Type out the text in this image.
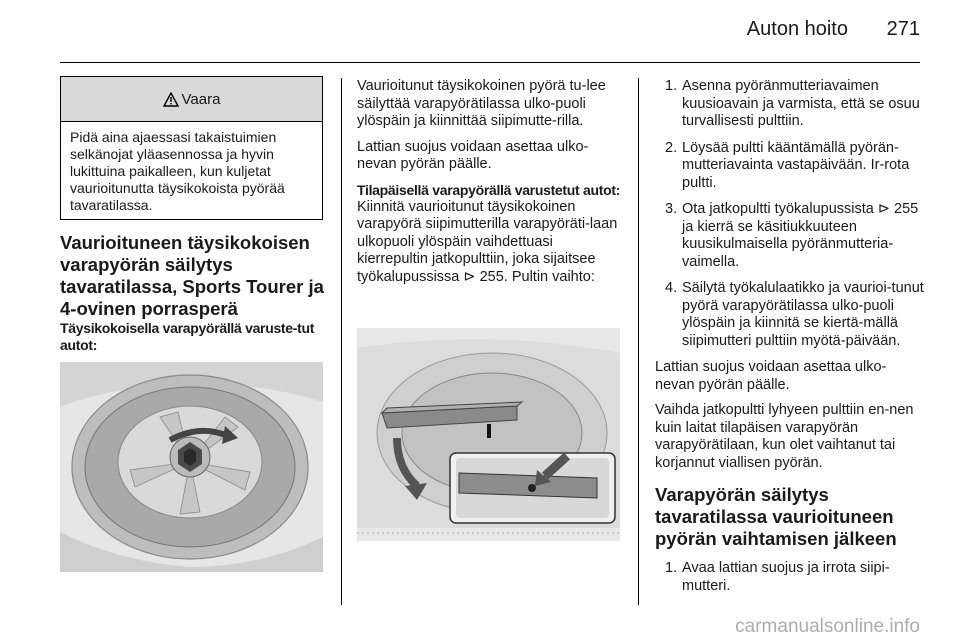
Auton hoito 271
Vaara
Pidä aina ajaessasi takaistuimien selkänojat yläasennossa ja hyvin lukittuina paikalleen, kun kuljetat vaurioitunutta täysikokoista pyörää tavaratilassa.
Vaurioituneen täysikokoisen varapyörän säilytys tavaratilassa, Sports Tourer ja 4-ovinen porrasperä
Täysikokoisella varapyörällä varuste-tut autot:
Vaurioitunut täysikokoinen pyörä tu-lee säilyttää varapyörätilassa ulko-puoli ylöspäin ja kiinnittää siipimutte-rilla.
Lattian suojus voidaan asettaa ulko-nevan pyörän päälle.
Tilapäisellä varapyörällä varustetut autot:
Kiinnitä vaurioitunut täysikokoinen varapyörä siipimutterilla varapyöräti-laan ulkopuoli ylöspäin vaihdettuasi kierrepultin jatkopulttiin, joka sijaitsee työkalupussissa ⊳ 255. Pultin vaihto:
1. Asenna pyöränmutteriavaimen kuusioavain ja varmista, että se osuu turvallisesti pulttiin.
2. Löysää pultti kääntämällä pyörän-mutteriavainta vastapäivään. Ir-rota pultti.
3. Ota jatkopultti työkalupussista ⊳ 255 ja kierrä se käsitiukkuuteen kuusikulmaisella pyöränmutteria-vaimella.
4. Säilytä työkalulaatikko ja vaurioi-tunut pyörä varapyörätilassa ulko-puoli ylöspäin ja kiinnitä se kiertä-mällä siipimutteri pulttiin myötä-päivään.
Lattian suojus voidaan asettaa ulko-nevan pyörän päälle.
Vaihda jatkopultti lyhyeen pulttiin en-nen kuin laitat tilapäisen varapyörän varapyörätilaan, kun olet vaihtanut tai korjannut viallisen pyörän.
Varapyörän säilytys tavaratilassa vaurioituneen pyörän vaihtamisen jälkeen
1. Avaa lattian suojus ja irrota siipi-mutteri.
carmanualsonline.info
